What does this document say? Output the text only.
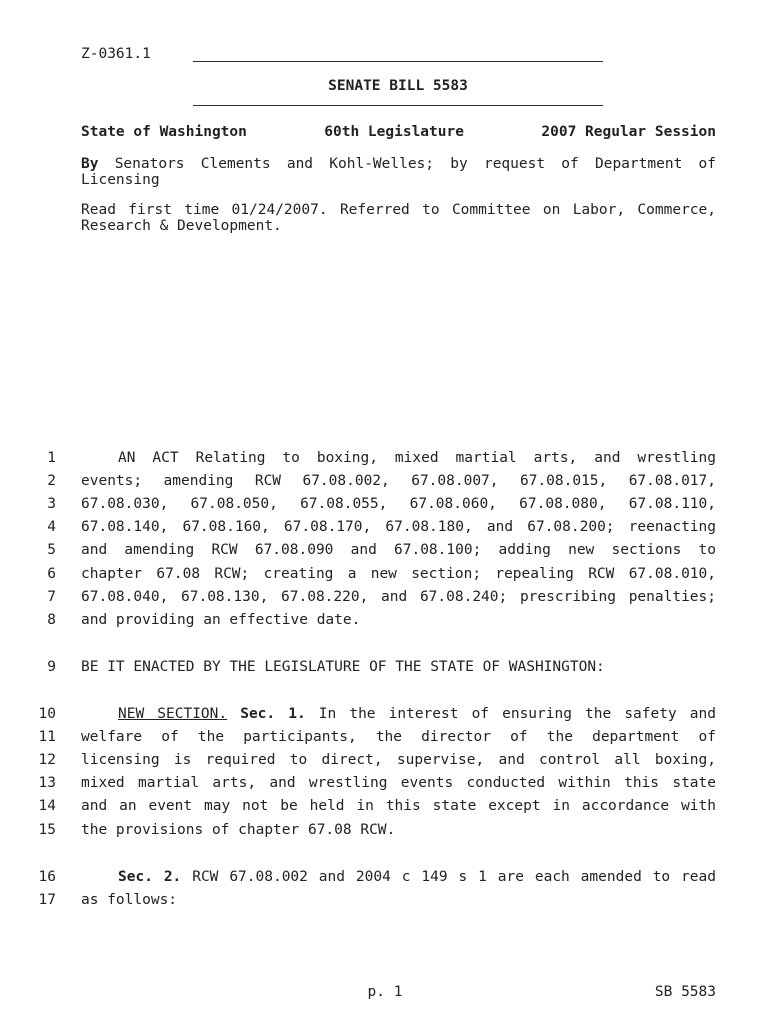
Z-0361.1
SENATE BILL 5583
State of Washington	60th Legislature	2007 Regular Session
By Senators Clements and Kohl-Welles; by request of Department of Licensing
Read first time 01/24/2007. Referred to Committee on Labor, Commerce, Research & Development.
1	AN ACT Relating to boxing, mixed martial arts, and wrestling
2 events; amending RCW 67.08.002, 67.08.007, 67.08.015, 67.08.017,
3 67.08.030, 67.08.050, 67.08.055, 67.08.060, 67.08.080, 67.08.110,
4 67.08.140, 67.08.160, 67.08.170, 67.08.180, and 67.08.200; reenacting
5 and amending RCW 67.08.090 and 67.08.100; adding new sections to
6 chapter 67.08 RCW; creating a new section; repealing RCW 67.08.010,
7 67.08.040, 67.08.130, 67.08.220, and 67.08.240; prescribing penalties;
8 and providing an effective date.
9 BE IT ENACTED BY THE LEGISLATURE OF THE STATE OF WASHINGTON:
10	NEW SECTION. Sec. 1. In the interest of ensuring the safety and
11 welfare of the participants, the director of the department of
12 licensing is required to direct, supervise, and control all boxing,
13 mixed martial arts, and wrestling events conducted within this state
14 and an event may not be held in this state except in accordance with
15 the provisions of chapter 67.08 RCW.
16	Sec. 2. RCW 67.08.002 and 2004 c 149 s 1 are each amended to read
17 as follows:
p. 1	SB 5583
